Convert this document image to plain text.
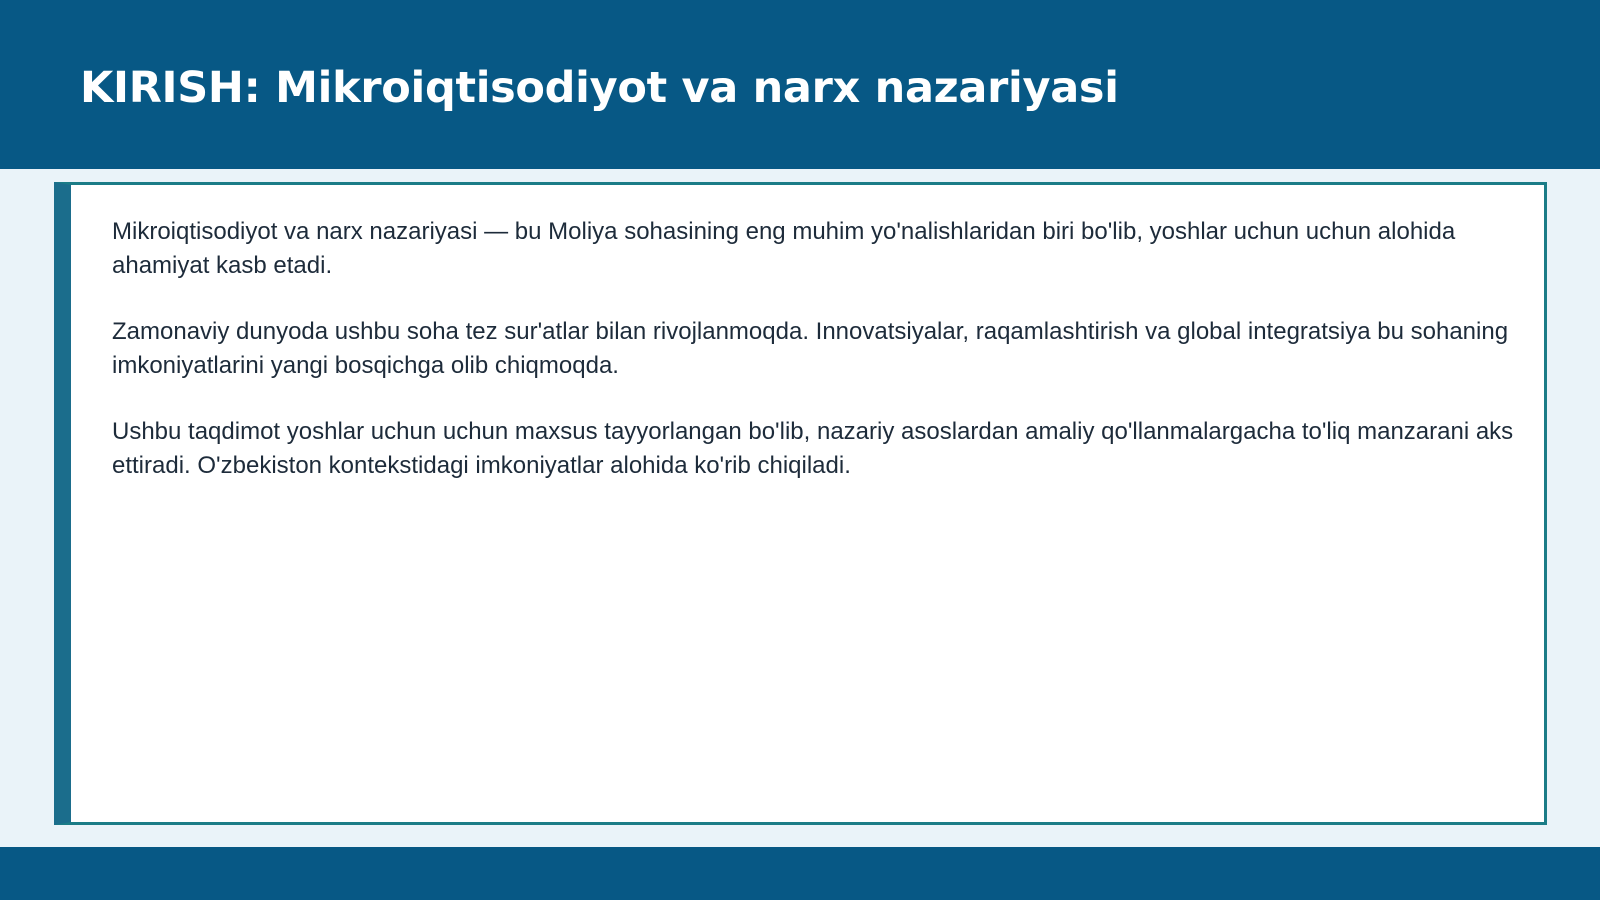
KIRISH: Mikroiqtisodiyot va narx nazariyasi

Mikroiqtisodiyot va narx nazariyasi — bu Moliya sohasining eng muhim yo'nalishlaridan biri bo'lib, yoshlar uchun uchun alohida ahamiyat kasb etadi.

Zamonaviy dunyoda ushbu soha tez sur'atlar bilan rivojlanmoqda. Innovatsiyalar, raqamlashtirish va global integratsiya bu sohaning imkoniyatlarini yangi bosqichga olib chiqmoqda.

Ushbu taqdimot yoshlar uchun uchun maxsus tayyorlangan bo'lib, nazariy asoslardan amaliy qo'llanmalargacha to'liq manzarani aks ettiradi. O'zbekiston kontekstidagi imkoniyatlar alohida ko'rib chiqiladi.
